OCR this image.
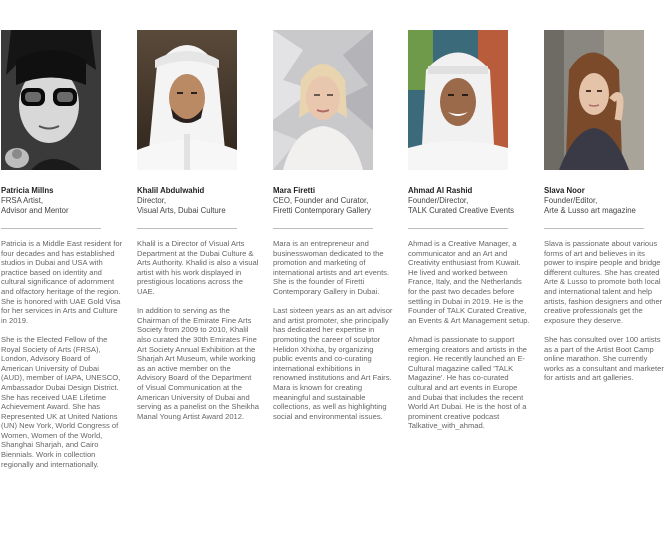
Patricia Millns
FRSA Artist,
Advisor and Mentor

Patricia is a Middle East resident for four decades and has established studios in Dubai and USA with practice based on identity and cultural significance of adornment and olfactory heritage of the region. She is honored with UAE Gold Visa for her services in Arts and Culture in 2019.

She is the Elected Fellow of the Royal Society of Arts (FRSA), London, Advisory Board of American University of Dubai (AUD), member of IAPA, UNESCO, Ambassador Dubai Design District. She has received UAE Lifetime Achievement Award. She has Represented UK at United Nations (UN) New York, World Congress of Women, Women of the World, Shanghai Sharjah, and Cairo Biennials. Work in collection regionally and internationally.

Khalil Abdulwahid
Director,
Visual Arts, Dubai Culture

Khalil is a Director of Visual Arts Department at the Dubai Culture & Arts Authority. Khalid is also a visual artist with his work displayed in prestigious locations across the UAE.

In addition to serving as the Chairman of the Emirate Fine Arts Society from 2009 to 2010, Khalil also curated the 30th Emirates Fine Art Society Annual Exhibition at the Sharjah Art Museum, while working as an active member on the Advisory Board of the Department of Visual Communication at the American University of Dubai and serving as a panelist on the Sheikha Manal Young Artist Award 2012.

Mara Firetti
CEO, Founder and Curator,
Firetti Contemporary Gallery

Mara is an entrepreneur and businesswoman dedicated to the promotion and marketing of international artists and art events. She is the founder of Firetti Contemporary Gallery in Dubai.

Last sixteen years as an art advisor and artist promoter, she principally has dedicated her expertise in promoting the career of sculptor Helidon Xhixha, by organizing public events and co-curating international exhibitions in renowned institutions and Art Fairs. Mara is known for creating meaningful and sustainable collections, as well as highlighting social and environmental issues.

Ahmad Al Rashid
Founder/Director,
TALK Curated Creative Events

Ahmad is a Creative Manager, a communicator and an Art and Creativity enthusiast from Kuwait. He lived and worked between France, Italy, and the Netherlands for the past two decades before settling in Dubai in 2019. He is the Founder of TALK Curated Creative, an Events & Art Management setup.

Ahmad is passionate to support emerging creators and artists in the region. He recently launched an E-Cultural magazine called 'TALK Magazine'. He has co-curated cultural and art events in Europe and Dubai that includes the recent World Art Dubai. He is the host of a prominent creative podcast Talkative_with_ahmad.

Slava Noor
Founder/Editor,
Arte & Lusso art magazine

Slava is passionate about various forms of art and believes in its power to inspire people and bridge different cultures. She has created Arte & Lusso to promote both local and international talent and help artists, fashion designers and other creative professionals get the exposure they deserve.

She has consulted over 100 artists as a part of the Artist Boot Camp online marathon. She currently works as a consultant and marketer for artists and art galleries.
